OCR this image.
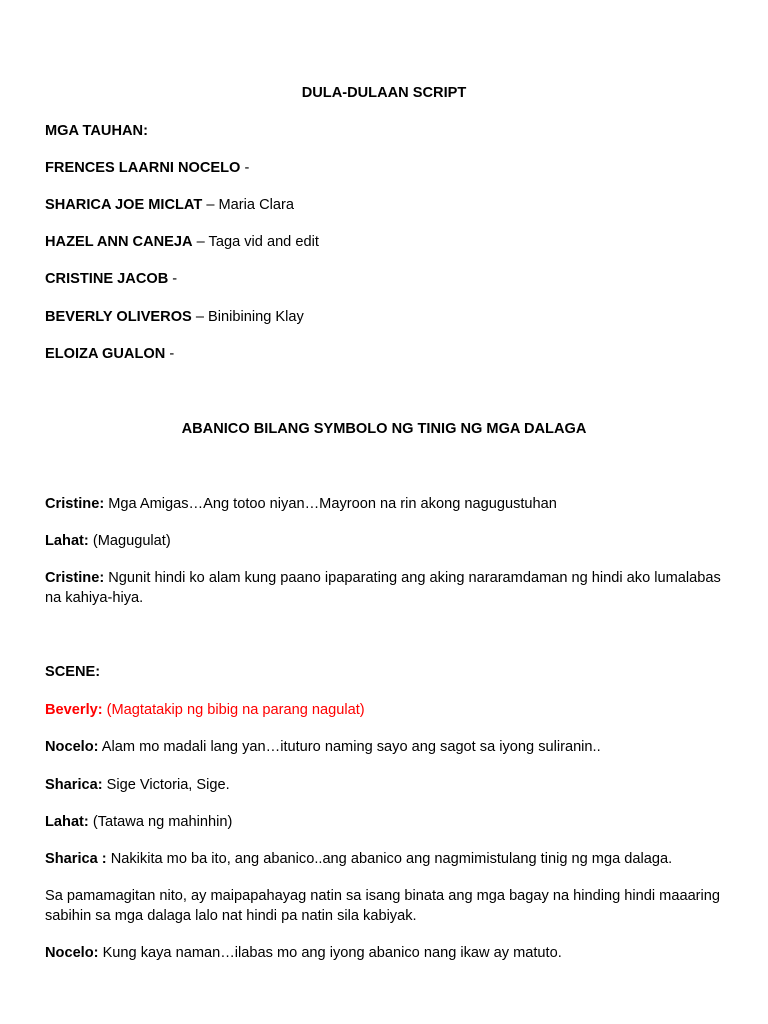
DULA-DULAAN SCRIPT
MGA TAUHAN:
FRENCES LAARNI NOCELO -
SHARICA JOE MICLAT – Maria Clara
HAZEL ANN CANEJA – Taga vid and edit
CRISTINE JACOB -
BEVERLY OLIVEROS – Binibining Klay
ELOIZA GUALON -
ABANICO BILANG SYMBOLO NG TINIG NG MGA DALAGA
Cristine: Mga Amigas…Ang totoo niyan…Mayroon na rin akong nagugustuhan
Lahat: (Magugulat)
Cristine: Ngunit hindi ko alam kung paano ipaparating ang aking nararamdaman ng hindi ako lumalabas na kahiya-hiya.
SCENE:
Beverly: (Magtatakip ng bibig na parang nagulat)
Nocelo: Alam mo madali lang yan…ituturo naming sayo ang sagot sa iyong suliranin..
Sharica: Sige Victoria, Sige.
Lahat: (Tatawa ng mahinhin)
Sharica : Nakikita mo ba ito, ang abanico..ang abanico ang nagmimistulang tinig ng mga dalaga.
Sa pamamagitan nito, ay maipapahayag natin sa isang binata ang mga bagay na hinding hindi maaaring sabihin sa mga dalaga lalo nat hindi pa natin sila kabiyak.
Nocelo: Kung kaya naman…ilabas mo ang iyong abanico nang ikaw ay matuto.
